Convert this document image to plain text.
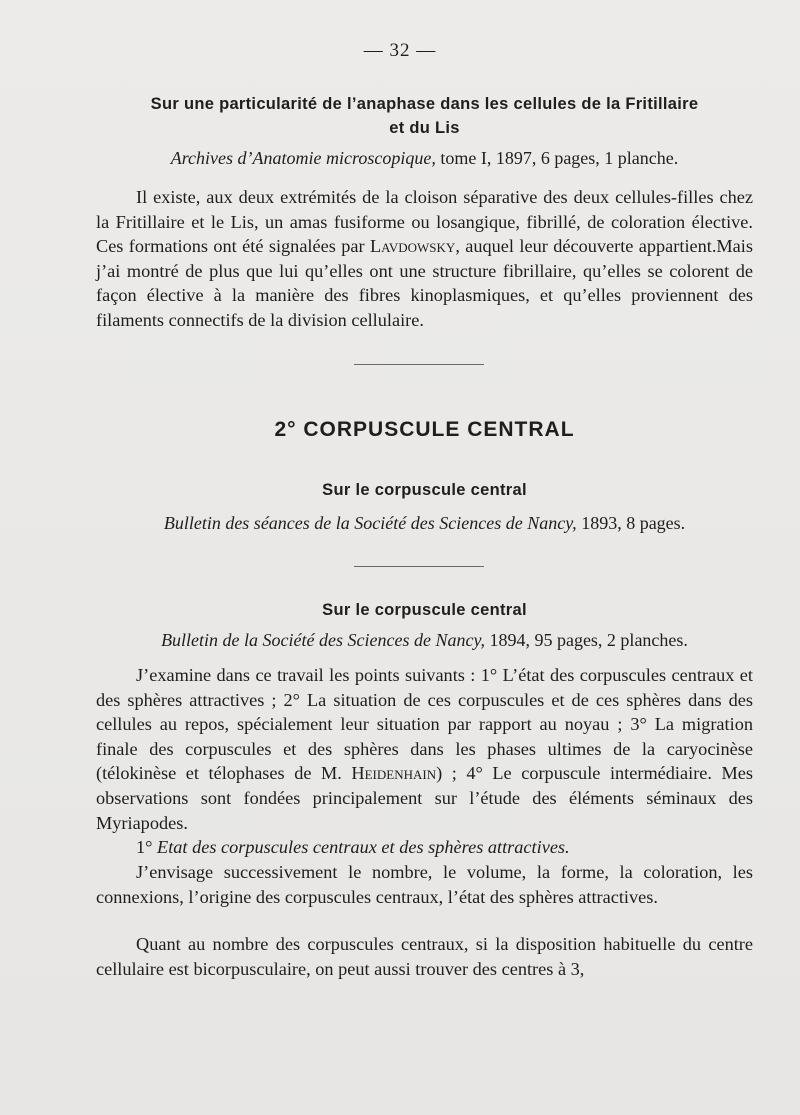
— 32 —
Sur une particularité de l’anaphase dans les cellules de la Fritillaire
et du Lis
Archives d’Anatomie microscopique, tome I, 1897, 6 pages, 1 planche.

Il existe, aux deux extrémités de la cloison séparative des deux cellules-filles chez la Fritillaire et le Lis, un amas fusiforme ou losangique, fibrillé, de coloration élective. Ces formations ont été signalées par Lavdowsky, auquel leur découverte appartient.Mais j’ai montré de plus que lui qu’elles ont une structure fibrillaire, qu’elles se colorent de façon élective à la manière des fibres kinoplasmiques, et qu’elles proviennent des filaments connectifs de la division cellulaire.

2° CORPUSCULE CENTRAL
Sur le corpuscule central
Bulletin des séances de la Société des Sciences de Nancy, 1893, 8 pages.
Sur le corpuscule central
Bulletin de la Société des Sciences de Nancy, 1894, 95 pages, 2 planches.

J’examine dans ce travail les points suivants : 1° L’état des corpuscules centraux et des sphères attractives ; 2° La situation de ces corpuscules et de ces sphères dans des cellules au repos, spécialement leur situation par rapport au noyau ; 3° La migration finale des corpuscules et des sphères dans les phases ultimes de la caryocinèse (télokinèse et télophases de M. Heidenhain) ; 4° Le corpuscule intermédiaire. Mes observations sont fondées principalement sur l’étude des éléments séminaux des Myriapodes.

1° Etat des corpuscules centraux et des sphères attractives.

J’envisage successivement le nombre, le volume, la forme, la coloration, les connexions, l’origine des corpuscules centraux, l’état des sphères attractives.

Quant au nombre des corpuscules centraux, si la disposition habituelle du centre cellulaire est bicorpusculaire, on peut aussi trouver des centres à 3,
